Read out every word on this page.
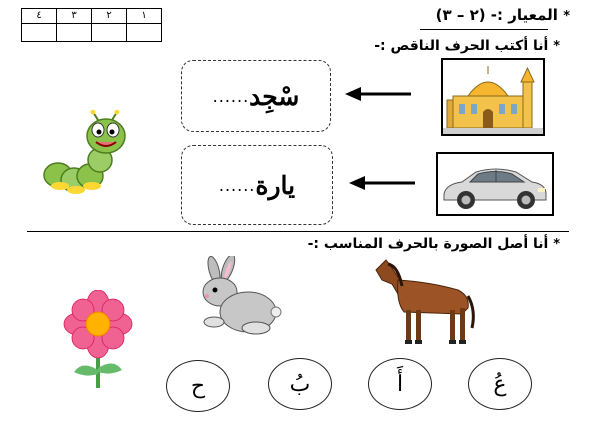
* المعيار :- (٢ – ٣)
٤	٣	٢	١

* أنا أكتب الحرف الناقص :-
سْجِد
......
يارة
......
* أنا أصل الصورة بالحرف المناسب :-
ح	بُ	أَ	عُ
